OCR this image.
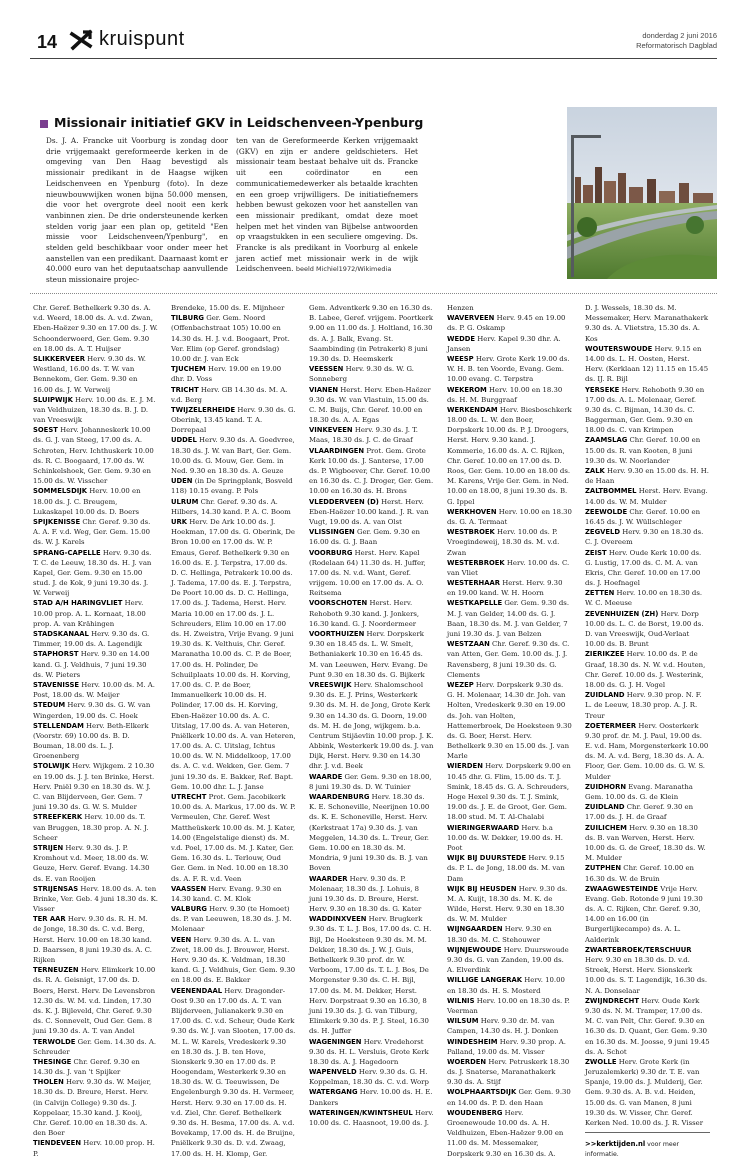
14 kruispunt	donderdag 2 juni 2016
Reformatorisch Dagblad
Missionair initiatief GKV in Leidschenveen-Ypenburg

Ds. J. A. Francke uit Voorburg is zondag door drie vrijgemaakt gereformeerde kerken in de omgeving van Den Haag bevestigd als missionair predikant in de Haagse wijken Leidschenveen en Ypenburg (foto). In deze nieuwbouwwijken wonen bijna 50.000 mensen, die voor het overgrote deel nooit een kerk vanbinnen zien. De drie ondersteunende kerken stelden vorig jaar een plan op, getiteld "Een missie voor Leidschenveen/Ypenburg", en stelden geld beschikbaar voor onder meer het aanstellen van een predikant. Daarnaast komt er 40.000 euro van het deputaatschap aanvullende steun missionaire projec-

ten van de Gereformeerde Kerken vrijgemaakt (GKV) en zijn er andere geldschieters. Het missionair team bestaat behalve uit ds. Francke uit een coördinator en een communicatiemedewerker als betaalde krachten en een groep vrijwilligers. De initiatiefnemers hebben bewust gekozen voor het aanstellen van een missionair predikant, omdat deze moet helpen met het vinden van Bijbelse antwoorden op vraagstukken in een seculiere omgeving. Ds. Francke is als predikant in Voorburg al enkele jaren actief met missionair werk in de wijk Leidschenveen. beeld Michiel1972/Wikimedia

Chr. Geref. Bethelkerk 9.30 ds. A. v.d. Weerd, 18.00 ds. A. v.d. Zwan, Eben-Haëzer 9.30 en 17.00 ds. J. W. Schoonderwoerd, Ger. Gem. 9.30 en 18.00 ds. A. T. Huijser

SLIKKERVEER Herv. 9.30 ds. W. Westland, 16.00 ds. T. W. van Bennekom, Ger. Gem. 9.30 en 16.00 ds. J. W. Verweij

SLUIPWIJK Herv. 10.00 ds. E. J. M. van Veldhuizen, 18.30 ds. B. J. D. van Vreeswijk

SOEST Herv. Johanneskerk 10.00 ds. G. J. van Steeg, 17.00 ds. A. Schroten, Herv. Ichthuskerk 10.00 ds. R. C. Boogaard, 17.00 ds. W. Schinkelshoek, Ger. Gem. 9.30 en 15.00 ds. W. Visscher

SOMMELSDIJK Herv. 10.00 en 18.00 ds. J. C. Breugem, Lukaskapel 10.00 ds. D. Boers

SPIJKENISSE Chr. Geref. 9.30 ds. A. A. F. v.d. Weg, Ger. Gem. 15.00 ds. W. J. Karels

SPRANG-CAPELLE Herv. 9.30 ds. T. C. de Leeuw, 18.30 ds. H. J. van Kapel, Ger. Gem. 9.30 en 15.00 stud. J. de Kok, 9 juni 19.30 ds. J. W. Verweij

STAD A/H HARINGVLIET Herv. 10.00 prop. A. L. Kornaat, 18.00 prop. A. van Krähingen

STADSKANAAL Herv. 9.30 ds. G. Timmer, 19.00 ds. A. Lagendijk

STAPHORST Herv. 9.30 en 14.00 kand. G. J. Veldhuis, 7 juni 19.30 ds. W. Pieters

STAVENISSE Herv. 10.00 ds. M. A. Post, 18.00 ds. W. Meijer

STEDUM Herv. 9.30 ds. G. W. van Wingerden, 19.00 ds. C. Hoek

STELLENDAM Herv. Beth-Elkerk (Voorstr. 69) 10.00 ds. B. D. Bouman, 18.00 ds. L. J. Groenenberg

STOLWIJK Herv. Wijkgem. 2 10.30 en 19.00 ds. J. J. ten Brinke, Herst. Herv. Pniël 9.30 en 18.30 ds. W. J. C. van Blijderveen, Ger. Gem. 7 juni 19.30 ds. G. W. S. Mulder

STREEFKERK Herv. 10.00 ds. T. van Bruggen, 18.30 prop. A. N. J. Scheer

STRIJEN Herv. 9.30 ds. J. P. Kromhout v.d. Meer, 18.00 ds. W. Geuze, Herv. Geref. Evang. 14.30 ds. E. van Rooijen

STRIJENSAS Herv. 18.00 ds. A. ten Brinke, Ver. Geb. 4 juni 18.30 ds. K. Visser

TER AAR Herv. 9.30 ds. R. H. M. de Jonge, 18.30 ds. C. v.d. Berg, Herst. Herv. 10.00 en 18.30 kand. D. Baarssen, 8 juni 19.30 ds. A. C. Rijken

TERNEUZEN Herv. Elimkerk 10.00 ds. R. A. Geisnigt, 17.00 ds. D. Boers, Herst. Herv. De Levensbron 12.30 ds. W. M. v.d. Linden, 17.30 ds. K. J. Bijleveld, Chr. Geref. 9.30 ds. C. Sonnevelt, Oud Ger. Gem. 8 juni 19.30 ds. A. T. van Andel

TERWOLDE Ger. Gem. 14.30 ds. A. Schreuder

THESINGE Chr. Geref. 9.30 en 14.30 ds. J. van 't Spijker

THOLEN Herv. 9.30 ds. W. Meijer, 18.30 ds. D. Breure, Herst. Herv. (in Calvijn College) 9.30 ds. J. Koppelaar, 15.30 kand. J. Kooij, Chr. Geref. 10.00 en 18.30 ds. A. den Boer

TIENDEVEEN Herv. 10.00 prop. H. P.

Brendeke, 15.00 ds. E. Mijnheer

TILBURG Ger. Gem. Noord (Offenbachstraat 105) 10.00 en 14.30 ds. H. J. v.d. Boogaart, Prot. Ver. Elim (op Geref. grondslag) 10.00 dr. J. van Eck

TJUCHEM Herv. 19.00 en 19.00 dhr. D. Voss

TRICHT Herv. GB 14.30 ds. M. A. v.d. Berg

TWIJZELERHEIDE Herv. 9.30 ds. G. Oberink, 13.45 kand. T. A. Dorrepaal

UDDEL Herv. 9.30 ds. A. Goedvree, 18.30 ds. J. W. van Bart, Ger. Gem. 10.00 ds. G. Mouw, Ger. Gem. in Ned. 9.30 en 18.30 ds. A. Geuze

UDEN (in De Springplank, Bosveld 118) 10.15 evang. P. Pols

ULRUM Chr. Geref. 9.30 ds. A. Hilbers, 14.30 kand. P. A. C. Boom

URK Herv. De Ark 10.00 ds. J. Hoekman, 17.00 ds. G. Oberink, De Bron 10.00 en 17.00 ds. W. P. Emaus, Geref. Bethelkerk 9.30 en 16.00 ds. E. J. Terpstra, 17.00 ds. D. C. Hellinga, Petrakerk 10.00 ds. J. Tademа, 17.00 ds. E. J. Terpstra, De Poort 10.00 ds. D. C. Hellinga, 17.00 ds. J. Tadema, Herst. Herv. Maria 10.00 en 17.00 ds. J. L. Schreuders, Elim 10.00 en 17.00 ds. H. Zweistra, Vrije Evang. 9 juni 19.30 ds. K. Velthuis, Chr. Geref. Maranatha 10.00 ds. C. P. de Boer, 17.00 ds. H. Polinder, De Schuilplaats 10.00 ds. H. Korving, 17.00 ds. C. P. de Boer, Immanuelkerk 10.00 ds. H. Polinder, 17.00 ds. H. Korving, Eben-Haëzer 10.00 ds. A. C. Uitslag, 17.00 ds. A. van Heteren, Pniëlkerk 10.00 ds. A. van Heteren, 17.00 ds. A. C. Uitslag, Ichtus 10.00 ds. W. N. Middelkoop, 17.00 ds. A. C. v.d. Wekken, Ger. Gem. 7 juni 19.30 ds. E. Bakker, Ref. Bapt. Gem. 10.00 dhr. L. J. Janse

UTRECHT Prot. Gem. Jacobikerk 10.00 ds. A. Markus, 17.00 ds. W. P. Vermeulen, Chr. Geref. West Mattheüskerk 10.00 ds. M. J. Kater, 14.00 (Engelstalige dienst) ds. M. v.d. Poel, 17.00 ds. M. J. Kater, Ger. Gem. 16.30 ds. L. Terlouw, Oud Ger. Gem. in Ned. 10.00 en 18.30 ds. A. F. R. v.d. Veen

VAASSEN Herv. Evang. 9.30 en 14.30 kand. C. M. Klok

VALBURG Herv. 9.30 (te Homoet) ds. P. van Leeuwen, 18.30 ds. J. M. Molenaar

VEEN Herv. 9.30 ds. A. L. van Zwet, 18.00 ds. J. Brouwer, Herst. Herv. 9.30 ds. K. Veldman, 18.30 kand. G. J. Veldhuis, Ger. Gem. 9.30 en 18.00 ds. E. Bakker

VEENENDAAL Herv. Dragonder-Oost 9.30 en 17.00 ds. A. T. van Blijderveen, Julianakerk 9.30 en 17.00 ds. C. v.d. Scheur, Oude Kerk 9.30 ds. W. J. van Slooten, 17.00 ds. M. L. W. Karels, Vredeskerk 9.30 en 18.30 ds. J. B. ten Hove, Sionskerk 9.30 en 17.00 ds. P. Hoogendam, Westerkerk 9.30 en 18.30 ds. W. G. Teeuwissen, De Engelenburgh 9.30 ds. H. Vermeer, Herst. Herv. 9.30 en 17.00 ds. H. v.d. Ziel, Chr. Geref. Bethelkerk 9.30 ds. H. Besma, 17.00 ds. A. v.d. Bovekamp, 17.00 ds. H. de Bruijne, Pniëlkerk 9.30 ds. D. v.d. Zwaag, 17.00 ds. H. H. Klomp, Ger.

Gem. Adventkerk 9.30 en 16.30 ds. B. Labee, Geref. vrijgem. Poortkerk 9.00 en 11.00 ds. J. Holtland, 16.30 ds. A. J. Balk, Evang. St. Saambinding (in Petrakerk) 8 juni 19.30 ds. D. Heemskerk

VEESSEN Herv. 9.30 ds. W. G. Sonneberg

VIANEN Herst. Herv. Eben-Haëzer 9.30 ds. W. van Vlastuin, 15.00 ds. C. M. Buijs, Chr. Geref. 10.00 en 18.30 ds. A. A. Egas

VINKEVEEN Herv. 9.30 ds. J. T. Maas, 18.30 ds. J. C. de Graaf

VLAARDINGEN Prot. Gem. Grote Kerk 10.00 ds. J. Santerse, 17.00 ds. P. Wigboever, Chr. Geref. 10.00 en 16.30 ds. C. J. Droger, Ger. Gem. 10.00 en 16.30 ds. H. Brons

VLEDDERVEEN (D) Herst. Herv. Eben-Haëzer 10.00 kand. J. R. van Vugt, 19.00 ds. A. van Olst

VLISSINGEN Ger. Gem. 9.30 en 16.00 ds. G. J. Baan

VOORBURG Herst. Herv. Kapel (Rodelaan 64) 11.30 ds. H. Juffer, 17.00 ds. N. v.d. Want, Geref. vrijgem. 10.00 en 17.00 ds. A. O. Reitsema

VOORSCHOTEN Herst. Herv. Rehoboth 9.30 kand. J. Jonkers, 16.30 kand. G. J. Noordermeer

VOORTHUIZEN Herv. Dorpskerk 9.30 en 18.45 ds. L. W. Smelt, Bethaniakerk 10.30 en 16.45 ds. M. van Leeuwen, Herv. Evang. De Punt 9.30 en 18.30 ds. G. Bijkerk

VREESWIJK Herv. Shalomschool 9.30 ds. E. J. Prins, Westerkerk 9.30 ds. M. H. de Jong, Grote Kerk 9.30 en 14.30 ds. G. Doorn, 19.00 ds. M. H. de Jong, wijkgem. b.a. Centrum Stijäevlin 10.00 prop. J. K. Abbink, Westerkerk 19.00 ds. J. van Dijk, Herst. Herv. 9.30 en 14.30 dhr. J. v.d. Beek

WAARDE Ger. Gem. 9.30 en 18.00, 8 juni 19.30 ds. D. W. Tuinier

WAARDENBURG Herv. 18.30 ds. K. E. Schoneville, Neerijnen 10.00 ds. K. E. Schoneville, Herst. Herv. (Kerkstraat 17a) 9.30 ds. J. van Meggelen, 14.30 ds. L. Treur, Ger. Gem. 10.00 en 18.30 ds. M. Mondria, 9 juni 19.30 ds. B. J. van Boven

WAARDER Herv. 9.30 ds. P. Molenaar, 18.30 ds. J. Lohuis, 8 juni 19.30 ds. D. Breure, Herst. Herv. 9.30 en 18.30 ds. G. Kater

WADDINXVEEN Herv. Brugkerk 9.30 ds. T. L. J. Bos, 17.00 ds. C. H. Bijl, De Hoeksteen 9.30 ds. M. M. Dekker, 18.30 ds. J. W. J. Guis, Bethelkerk 9.30 prof. dr. W. Verboom, 17.00 ds. T. L. J. Bos, De Morgenster 9.30 ds. C. H. Bijl, 17.00 ds. M. M. Dekker, Herst. Herv. Dorpstraat 9.30 en 16.30, 8 juni 19.30 ds. J. G. van Tilburg, Elimkerk 9.30 ds. P. J. Steel, 16.30 ds. H. Juffer

WAGENINGEN Herv. Vredehorst 9.30 ds. H. L. Versluis, Grote Kerk 18.30 ds. A. J. Hagedoorn

WAPENVELD Herv. 9.30 ds. G. H. Koppelman, 18.30 ds. C. v.d. Worp

WATERGANG Herv. 10.00 ds. H. E. Dankers

WATERINGEN/KWINTSHEUL Herv. 10.00 ds. C. Haasnoot, 19.00 ds. J.

Henzen

WAVERVEEN Herv. 9.45 en 19.00 ds. P. G. Oskamp

WEDDE Herv. Kapel 9.30 dhr. A. Jansen

WEESP Herv. Grote Kerk 19.00 ds. W. H. B. ten Voorde, Evang. Gem. 10.00 evang. C. Terpstra

WEKEROM Herv. 10.00 en 18.30 ds. H. M. Burggraaf

WERKENDAM Herv. Biesboschkerk 18.00 ds. L. W. den Boer, Dorpskerk 10.00 ds. P. J. Droogers, Herst. Herv. 9.30 kand. J. Kommerie, 16.00 ds. A. C. Rijken, Chr. Geref. 10.00 en 17.00 ds. D. Roos, Ger. Gem. 10.00 en 18.00 ds. M. Karens, Vrije Ger. Gem. in Ned. 10.00 en 18.00, 8 juni 19.30 ds. B. G. Ippel

WERKHOVEN Herv. 10.00 en 18.30 ds. G. A. Termaat

WESTBROEK Herv. 10.00 ds. P. Vroegindeweij, 18.30 ds. M. v.d. Zwan

WESTERBROEK Herv. 10.00 ds. C. van Vliet

WESTERHAAR Herst. Herv. 9.30 en 19.00 kand. W. H. Hoorn

WESTKAPELLE Ger. Gem. 9.30 ds. M. J. van Gelder, 14.00 ds. G. J. Baan, 18.30 ds. M. J. van Gelder, 7 juni 19.30 ds. J. van Belzen

WESTZAAN Chr. Geref. 9.30 ds. C. van Atten, Ger. Gem. 10.00 ds. J. J. Ravensberg, 8 juni 19.30 ds. G. Clements

WEZEP Herv. Dorpskerk 9.30 ds. G. H. Molenaar, 14.30 dr. Joh. van Holten, Vredeskerk 9.30 en 19.00 ds. Joh. van Holten, Hattemerbroek, De Hoeksteen 9.30 ds. G. Boer, Herst. Herv. Bethelkerk 9.30 en 15.00 ds. J. van Marle

WIERDEN Herv. Dorpskerk 9.00 en 10.45 dhr. G. Flim, 15.00 ds. T. J. Smink, 18.45 ds. G. A. Schreuders, Hoge Hexel 9.30 ds. T. J. Smink, 19.00 ds. J. E. de Groot, Ger. Gem. 18.00 stud. M. T. Al-Chalabi

WIERINGERWAARD Herv. b.a 10.00 ds. W. Dekker, 19.00 ds. H. Poot

WIJK BIJ DUURSTEDE Herv. 9.15 ds. P. L. de Jong, 18.00 ds. M. van Dam

WIJK BIJ HEUSDEN Herv. 9.30 ds. M. A. Kuijt, 18.30 ds. M. K. de Wilde, Herst. Herv. 9.30 en 18.30 ds. W. M. Mulder

WIJNGAARDEN Herv. 9.30 en 18.30 ds. M. C. Stehouwer

WIJNJEWOUDE Herv. Duurswoude 9.30 ds. G. van Zanden, 19.00 ds. A. Elverdink

WILLIGE LANGERAK Herv. 10.00 en 18.30 ds. H. S. Mosterd

WILNIS Herv. 10.00 en 18.30 ds. P. Veerman

WILSUM Herv. 9.30 dr. M. van Campen, 14.30 ds. H. J. Donken

WINDESHEIM Herv. 9.30 prop. A. Palland, 19.00 ds. M. Visser

WOERDEN Herv. Petruskerk 18.30 ds. J. Snaterse, Maranathakerk 9.30 ds. A. Stijf

WOLPHAARTSDIJK Ger. Gem. 9.30 en 14.00 ds. P. D. den Haan

WOUDENBERG Herv. Groenewoude 10.00 ds. A. H. Veldhuizen, Eben-Haëzer 9.00 en 11.00 ds. M. Messemaker, Dorpskerk 9.30 en 16.30 ds. A.

D. J. Wessels, 18.30 ds. M. Messemaker, Herv. Maranathakerk 9.30 ds. A. Vlietstra, 15.30 ds. A. Kos

WOUTERSWOUDE Herv. 9.15 en 14.00 ds. L. H. Oosten, Herst. Herv. (Kerklaan 12) 11.15 en 15.45 ds. IJ. R. Bijl

YERSEKE Herv. Rehoboth 9.30 en 17.00 ds. A. L. Molenaar, Geref. 9.30 ds. C. Bijman, 14.30 ds. C. Baggerman, Ger. Gem. 9.30 en 18.00 ds. C. van Krimpen

ZAAMSLAG Chr. Geref. 10.00 en 15.00 ds. R. van Kooten, 8 juni 19.30 ds. W. Noorlander

ZALK Herv. 9.30 en 15.00 ds. H. H. de Haan

ZALTBOMMEL Herst. Herv. Evang. 14.00 ds. W. M. Mulder

ZEEWOLDE Chr. Geref. 10.00 en 16.45 ds. J. W. Wüllschleger

ZEGVELD Herv. 9.30 en 18.30 ds. C. J. Overeem

ZEIST Herv. Oude Kerk 10.00 ds. G. Lustig, 17.00 ds. C. M. A. van Ekris, Chr. Geref. 10.00 en 17.00 ds. J. Hoefnagel

ZETTEN Herv. 10.00 en 18.30 ds. W. C. Meeuse

ZEVENHUIZEN (ZH) Herv. Dorp 10.00 ds. L. C. de Borst, 19.00 ds. D. van Vreeswijk, Oud-Verlaat 10.00 ds. B. Brunt

ZIERIKZEE Herv. 10.00 ds. P. de Graaf, 18.30 ds. N. W. v.d. Houten, Chr. Geref. 10.00 ds. J. Westerink, 18.00 ds. G. J. H. Vogel

ZUIDLAND Herv. 9.30 prop. N. F. L. de Leeuw, 18.30 prop. A. J. R. Treur

ZOETERMEER Herv. Oosterkerk 9.30 prof. dr. M. J. Paul, 19.00 ds. E. v.d. Ham, Morgensterkerk 10.00 ds. M. A. v.d. Berg, 18.30 ds. A. A. Floor, Ger. Gem. 10.00 ds. G. W. S. Mulder

ZUIDHORN Evang. Maranatha Gem. 10.00 ds. G. de Klein

ZUIDLAND Chr. Geref. 9.30 en 17.00 ds. J. H. de Graaf

ZUILICHEM Herv. 9.30 en 18.30 ds. B. van Werven, Herst. Herv. 10.00 ds. G. de Greef, 18.30 ds. W. M. Mulder

ZUTPHEN Chr. Geref. 10.00 en 16.30 ds. W. de Bruin

ZWAAGWESTEINDE Vrije Herv. Evang. Geb. Rotonde 9 juni 19.30 ds. A. C. Rijken, Chr. Geref. 9.30, 14.00 en 16.00 (in Burgerlijkecampo) ds. A. L. Aalderink

ZWARTEBROEK/TERSCHUUR Herv. 9.30 en 18.30 ds. D. v.d. Streek, Herst. Herv. Sionskerk 10.00 ds. S. T. Lagendijk, 16.30 ds. N. A. Donselaar

ZWIJNDRECHT Herv. Oude Kerk 9.30 ds. N. M. Tramper, 17.00 ds. M. C. van Pelt, Chr. Geref. 9.30 en 16.30 ds. D. Quant, Ger. Gem. 9.30 en 16.30 ds. M. Joosse, 9 juni 19.45 ds. A. Schot

ZWOLLE Herv. Grote Kerk (in Jeruzalemkerk) 9.30 dr. T. E. van Spanje, 19.00 ds. J. Mulderij, Ger. Gem. 9.30 ds. A. B. v.d. Heiden, 15.00 ds. G. van Manen, 8 juni 19.30 ds. W. Visser, Chr. Geref. Kerken Ned. 10.00 ds. J. R. Visser

>>kerktijden.nl voor meer informatie.
